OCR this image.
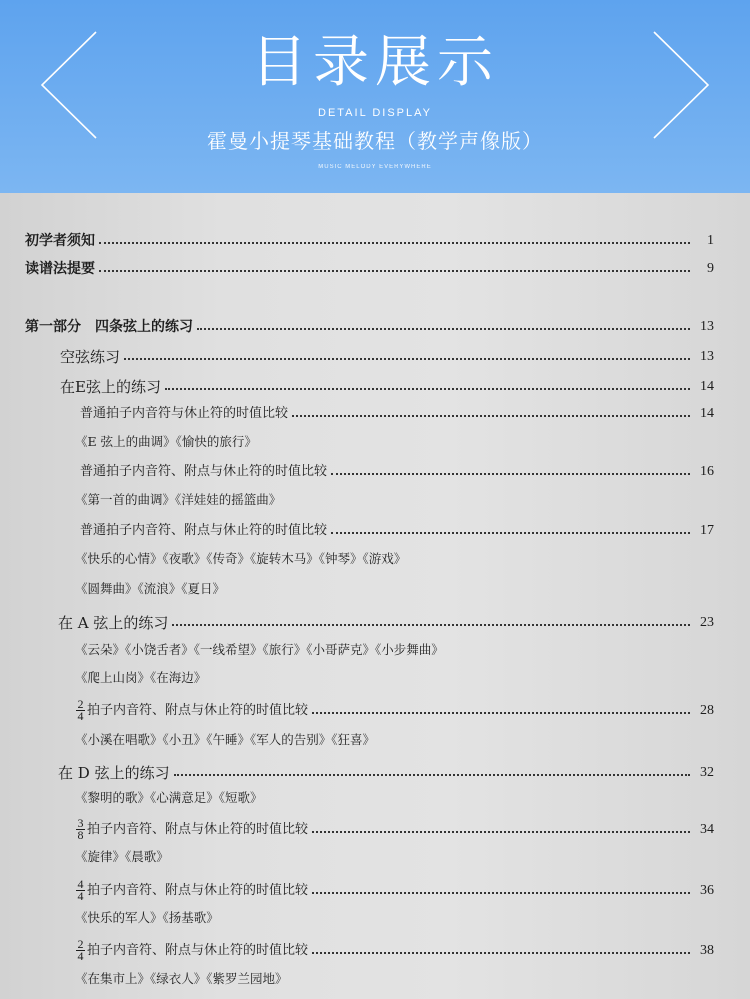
目录展示
DETAIL DISPLAY
霍曼小提琴基础教程（教学声像版）
MUSIC MELODY EVERYWHERE
初学者须知	1
读谱法提要	9
第一部分　四条弦上的练习	13
空弦练习	13
在E弦上的练习	14
普通拍子内音符与休止符的时值比较	14
《E 弦上的曲调》《愉快的旅行》
普通拍子内音符、附点与休止符的时值比较	16
《第一首的曲调》《洋娃娃的摇篮曲》
普通拍子内音符、附点与休止符的时值比较	17
《快乐的心情》《夜歌》《传奇》《旋转木马》《钟琴》《游戏》
《圆舞曲》《流浪》《夏日》
在 A 弦上的练习	23
《云朵》《小饶舌者》《一线希望》《旅行》《小哥萨克》《小步舞曲》
《爬上山岗》《在海边》
$\frac{2}{4}$ 拍子内音符、附点与休止符的时值比较	28
《小溪在唱歌》《小丑》《午睡》《军人的告别》《狂喜》
在 D 弦上的练习	32
《黎明的歌》《心满意足》《短歌》
$\frac{3}{8}$ 拍子内音符、附点与休止符的时值比较	34
《旋律》《晨歌》
$\frac{4}{4}$ 拍子内音符、附点与休止符的时值比较	36
《快乐的军人》《扬基歌》
$\frac{2}{4}$ 拍子内音符、附点与休止符的时值比较	38
《在集市上》《绿衣人》《紫罗兰园地》
